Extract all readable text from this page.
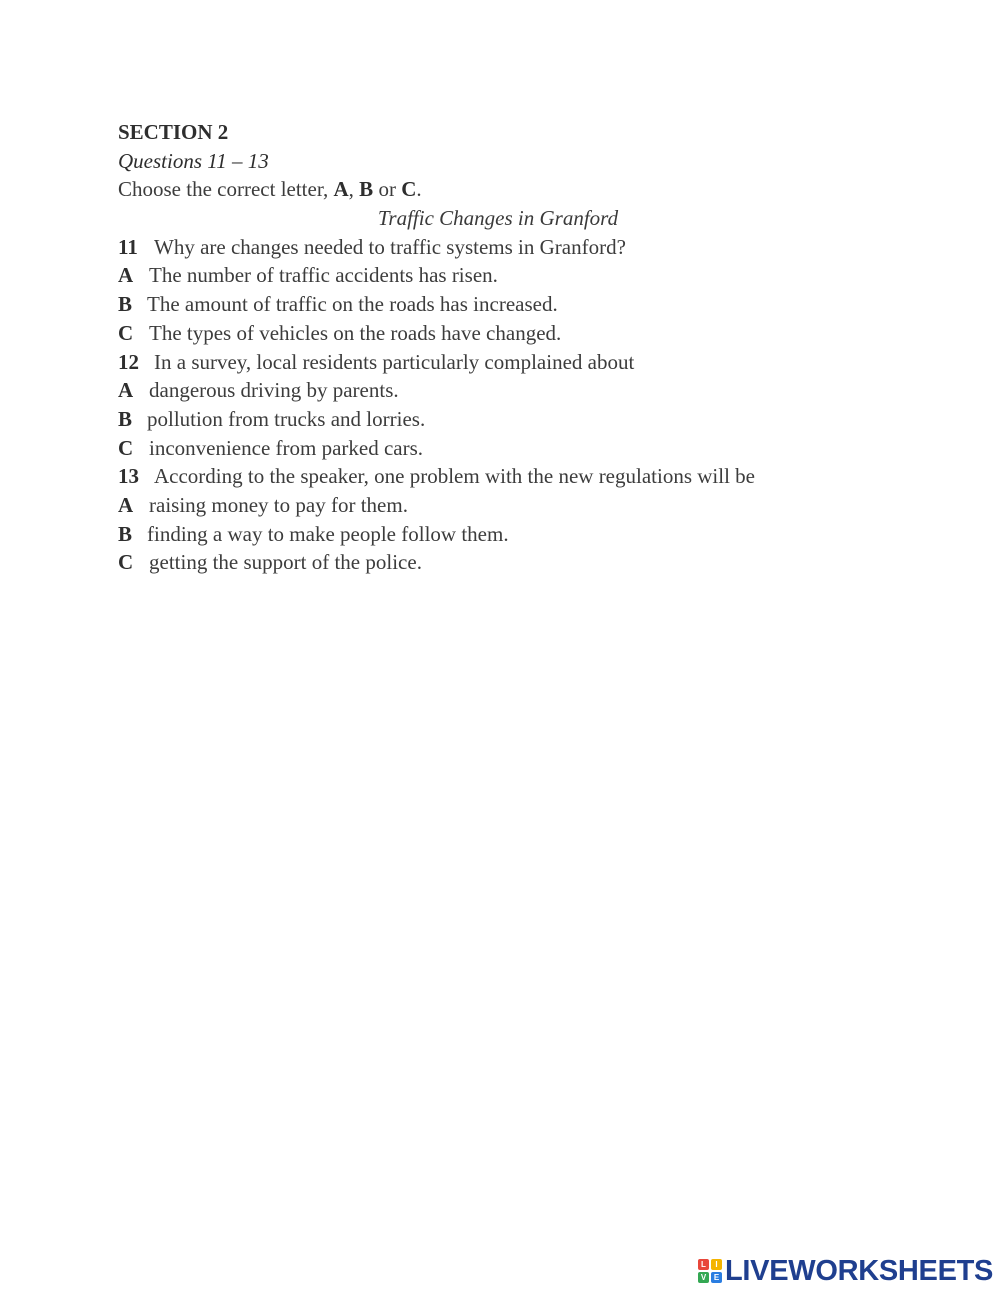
SECTION 2
Questions 11 – 13
Choose the correct letter, A, B or C.
Traffic Changes in Granford
11 Why are changes needed to traffic systems in Granford?
A The number of traffic accidents has risen.
B The amount of traffic on the roads has increased.
C The types of vehicles on the roads have changed.
12 In a survey, local residents particularly complained about
A dangerous driving by parents.
B pollution from trucks and lorries.
C inconvenience from parked cars.
13 According to the speaker, one problem with the new regulations will be
A raising money to pay for them.
B finding a way to make people follow them.
C getting the support of the police.
L	I
V E LIVEWORKSHEETS
